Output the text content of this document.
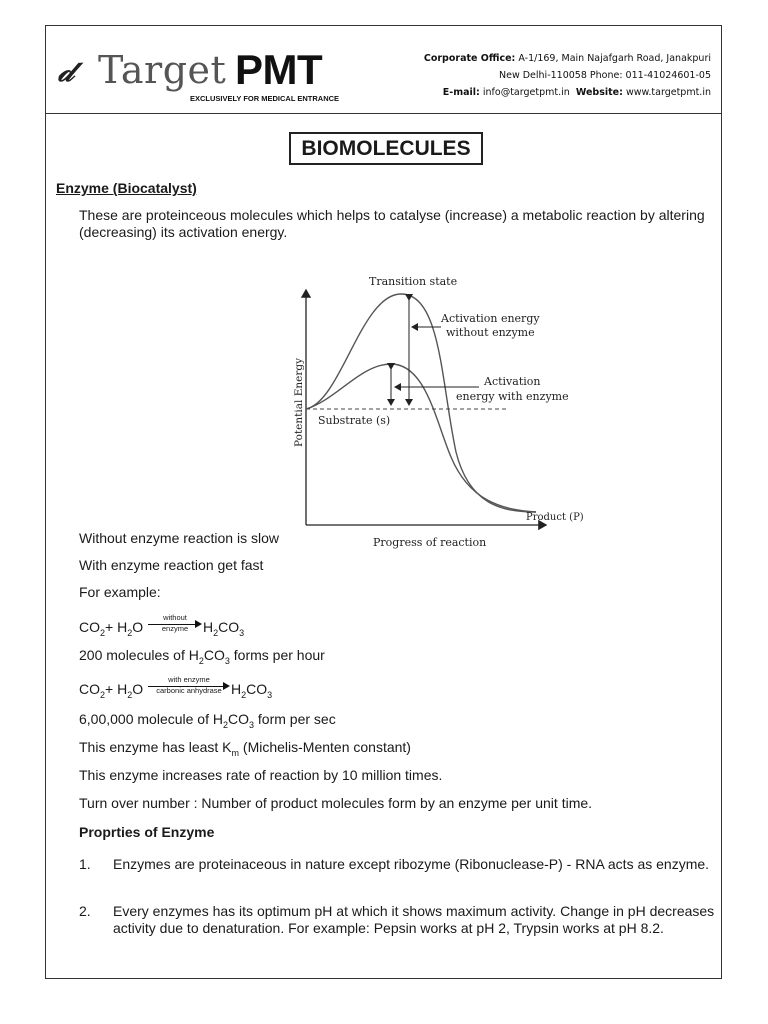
𝒹 Target PMT
EXCLUSIVELY FOR MEDICAL ENTRANCE
Corporate Office: A-1/169, Main Najafgarh Road, Janakpuri
New Delhi-110058 Phone: 011-41024601-05
E-mail: info@targetpmt.in Website: www.targetpmt.in
BIOMOLECULES
Enzyme (Biocatalyst)
These are proteinceous molecules which helps to catalyse (increase) a metabolic reaction by altering (decreasing) its activation energy.
Transition state
Activation energy
without enzyme
Activation
energy with enzyme
Substrate (s)
Product (P)
Potential Energy
Progress of reaction
Without enzyme reaction is slow
With enzyme reaction get fast
For example:
$CO_2+ H_2O$
without
enzyme	$H_2CO_3$
200 molecules of $H_2CO_3$ forms per hour
$CO_2+ H_2O$
with enzyme
carbonic anhydrase $H_2CO_3$
6,00,000 molecule of $H_2CO_3$ form per sec
This enzyme has least $K_m$ (Michelis-Menten constant)
This enzyme increases rate of reaction by 10 million times.
Turn over number : Number of product molecules form by an enzyme per unit time.
Proprties of Enzyme
1. Enzymes are proteinaceous in nature except ribozyme (Ribonuclease-P) - RNA acts as enzyme.
2. Every enzymes has its optimum pH at which it shows maximum activity. Change in pH decreases activity due to denaturation. For example: Pepsin works at pH 2, Trypsin works at pH 8.2.
